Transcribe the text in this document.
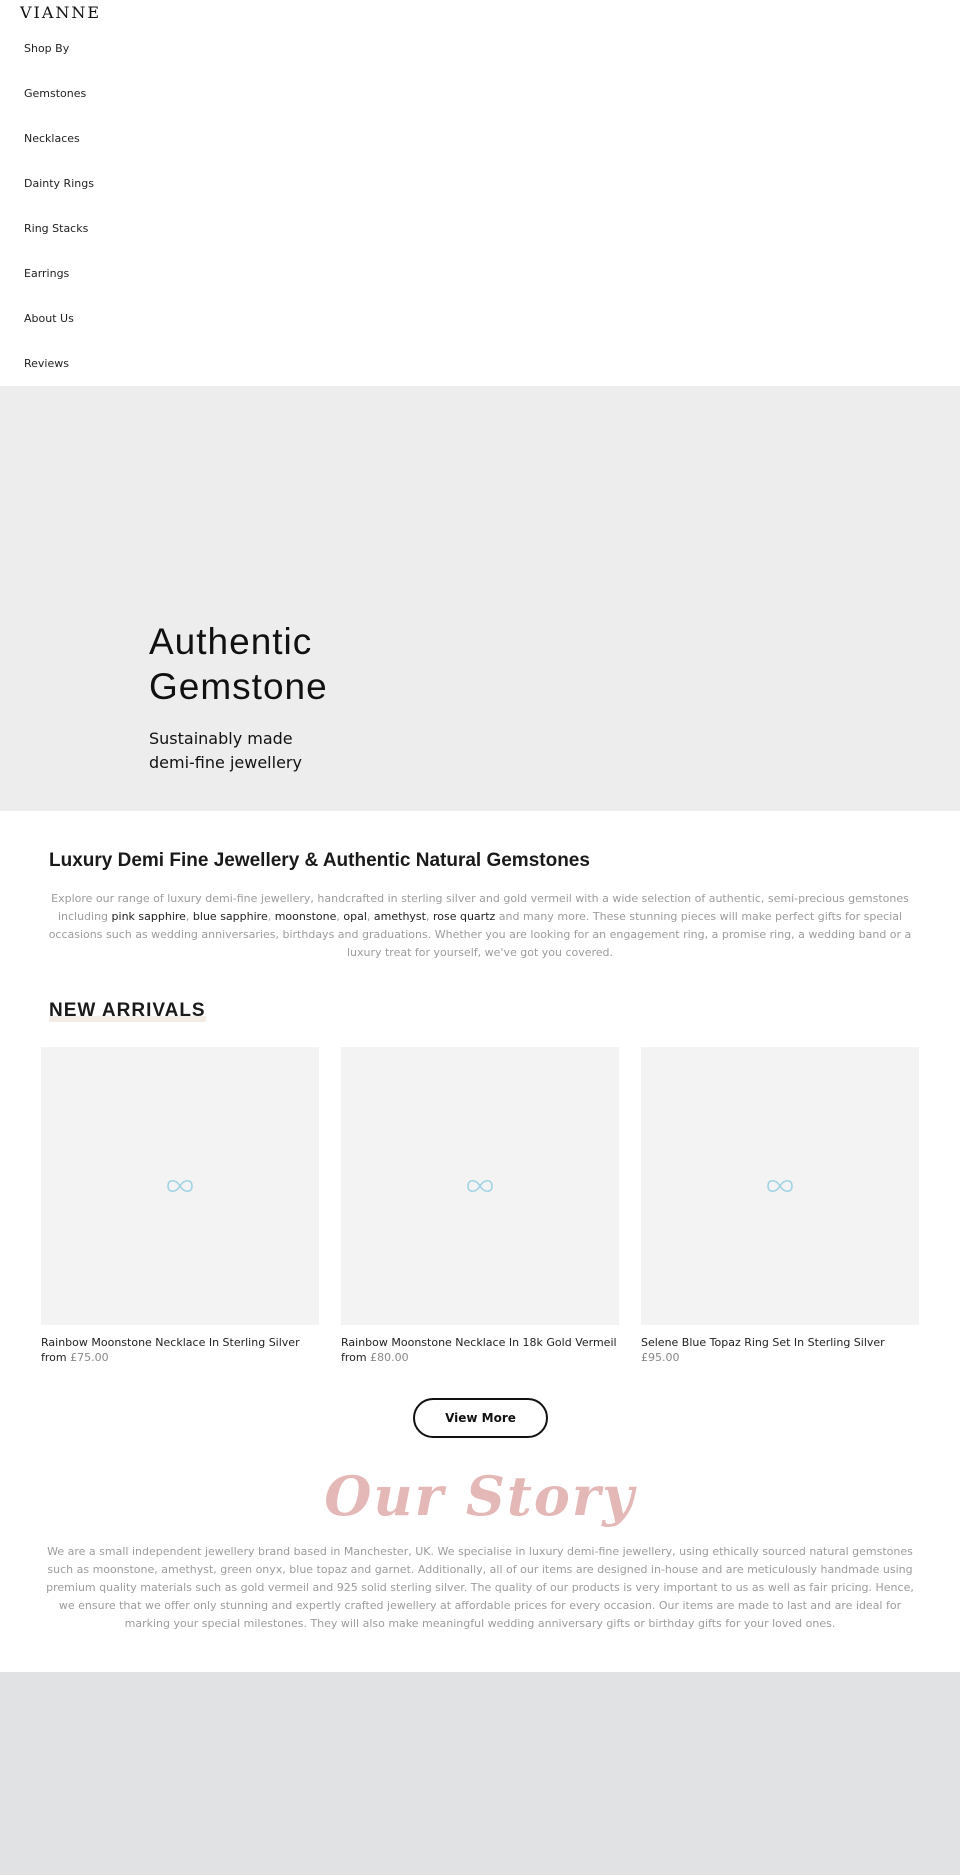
VIANNE
Shop By
Gemstones
Necklaces
Dainty Rings
Ring Stacks
Earrings
About Us
Reviews
Authentic Gemstone

Sustainably made
demi-fine jewellery

Luxury Demi Fine Jewellery & Authentic Natural Gemstones

Explore our range of luxury demi-fine jewellery, handcrafted in sterling silver and gold vermeil with a wide selection of authentic, semi-precious gemstones including pink sapphire, blue sapphire, moonstone, opal, amethyst, rose quartz and many more. These stunning pieces will make perfect gifts for special occasions such as wedding anniversaries, birthdays and graduations. Whether you are looking for an engagement ring, a promise ring, a wedding band or a luxury treat for yourself, we've got you covered.

NEW ARRIVALS
Rainbow Moonstone Necklace In Sterling Silver
from £75.00
Rainbow Moonstone Necklace In 18k Gold Vermeil
from £80.00
Selene Blue Topaz Ring Set In Sterling Silver
£95.00
View More
Our Story

We are a small independent jewellery brand based in Manchester, UK. We specialise in luxury demi-fine jewellery, using ethically sourced natural gemstones such as moonstone, amethyst, green onyx, blue topaz and garnet. Additionally, all of our items are designed in-house and are meticulously handmade using premium quality materials such as gold vermeil and 925 solid sterling silver. The quality of our products is very important to us as well as fair pricing. Hence, we ensure that we offer only stunning and expertly crafted jewellery at affordable prices for every occasion. Our items are made to last and are ideal for marking your special milestones. They will also make meaningful wedding anniversary gifts or birthday gifts for your loved ones.
